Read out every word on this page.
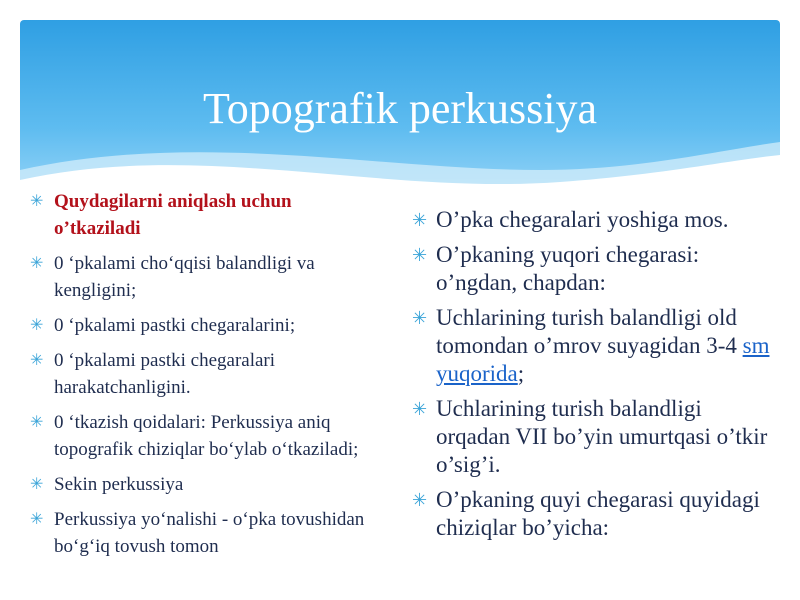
Topografik perkussiya
✳ Quydagilarni aniqlash uchun o’tkaziladi
✳ 0 ‘pkalami cho‘qqisi balandligi va kengligini;
✳ 0 ‘pkalami pastki chegaralarini;
✳ 0 ‘pkalami pastki chegaralari harakatchanligini.
✳ 0 ‘tkazish qoidalari: Perkussiya aniq topografik chiziqlar bo‘ylab o‘tkaziladi;
✳ Sekin perkussiya
✳ Perkussiya yo‘nalishi - o‘pka tovushidan bo‘g‘iq tovush tomon
✳ O’pka chegaralari yoshiga mos.
✳ O’pkaning yuqori chegarasi: o’ngdan, chapdan:
✳ Uchlarining turish balandligi old tomondan o’mrov suyagidan 3-4 sm yuqorida;
✳ Uchlarining turish balandligi orqadan VII bo’yin umurtqasi o’tkir o’sig’i.
✳ O’pkaning quyi chegarasi quyidagi chiziqlar bo’yicha:
